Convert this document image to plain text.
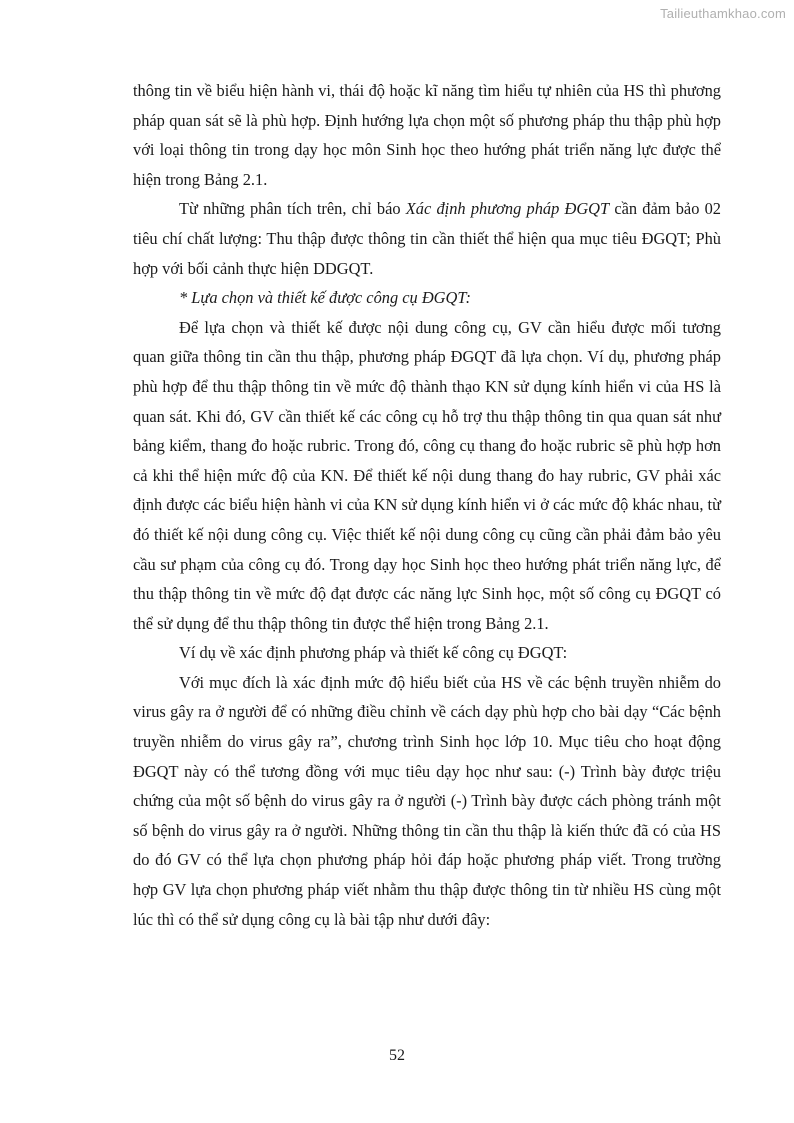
Tailieuthamkhao.com

thông tin về biểu hiện hành vi, thái độ hoặc kĩ năng tìm hiểu tự nhiên của HS thì phương pháp quan sát sẽ là phù hợp. Định hướng lựa chọn một số phương pháp thu thập phù hợp với loại thông tin trong dạy học môn Sinh học theo hướng phát triển năng lực được thể hiện trong Bảng 2.1.

Từ những phân tích trên, chỉ báo Xác định phương pháp ĐGQT cần đảm bảo 02 tiêu chí chất lượng: Thu thập được thông tin cần thiết thể hiện qua mục tiêu ĐGQT; Phù hợp với bối cảnh thực hiện DDGQT.

* Lựa chọn và thiết kế được công cụ ĐGQT:

Để lựa chọn và thiết kế được nội dung công cụ, GV cần hiểu được mối tương quan giữa thông tin cần thu thập, phương pháp ĐGQT đã lựa chọn. Ví dụ, phương pháp phù hợp để thu thập thông tin về mức độ thành thạo KN sử dụng kính hiển vi của HS là quan sát. Khi đó, GV cần thiết kế các công cụ hỗ trợ thu thập thông tin qua quan sát như bảng kiểm, thang đo hoặc rubric. Trong đó, công cụ thang đo hoặc rubric sẽ phù hợp hơn cả khi thể hiện mức độ của KN. Để thiết kế nội dung thang đo hay rubric, GV phải xác định được các biểu hiện hành vi của KN sử dụng kính hiển vi ở các mức độ khác nhau, từ đó thiết kế nội dung công cụ. Việc thiết kế nội dung công cụ cũng cần phải đảm bảo yêu cầu sư phạm của công cụ đó. Trong dạy học Sinh học theo hướng phát triển năng lực, để thu thập thông tin về mức độ đạt được các năng lực Sinh học, một số công cụ ĐGQT có thể sử dụng để thu thập thông tin được thể hiện trong Bảng 2.1.

Ví dụ về xác định phương pháp và thiết kế công cụ ĐGQT:

Với mục đích là xác định mức độ hiểu biết của HS về các bệnh truyền nhiễm do virus gây ra ở người để có những điều chỉnh về cách dạy phù hợp cho bài dạy “Các bệnh truyền nhiễm do virus gây ra”, chương trình Sinh học lớp 10. Mục tiêu cho hoạt động ĐGQT này có thể tương đồng với mục tiêu dạy học như sau: (-) Trình bày được triệu chứng của một số bệnh do virus gây ra ở người (-) Trình bày được cách phòng tránh một số bệnh do virus gây ra ở người. Những thông tin cần thu thập là kiến thức đã có của HS do đó GV có thể lựa chọn phương pháp hỏi đáp hoặc phương pháp viết. Trong trường hợp GV lựa chọn phương pháp viết nhằm thu thập được thông tin từ nhiều HS cùng một lúc thì có thể sử dụng công cụ là bài tập như dưới đây:

52
